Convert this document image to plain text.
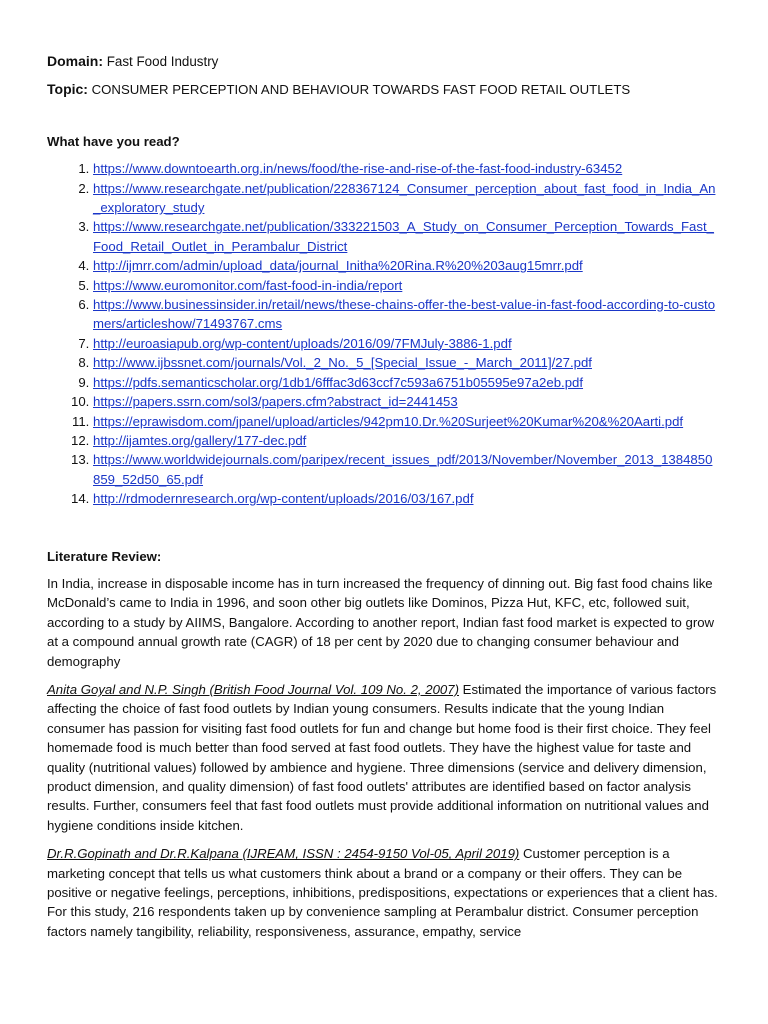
Domain: Fast Food Industry

Topic: CONSUMER PERCEPTION AND BEHAVIOUR TOWARDS FAST FOOD RETAIL OUTLETS

What have you read?

1. https://www.downtoearth.org.in/news/food/the-rise-and-rise-of-the-fast-food-industry-63452
2. https://www.researchgate.net/publication/228367124_Consumer_perception_about_fast_food_in_India_An_exploratory_study
3. https://www.researchgate.net/publication/333221503_A_Study_on_Consumer_Perception_Towards_Fast_Food_Retail_Outlet_in_Perambalur_District
4. http://ijmrr.com/admin/upload_data/journal_Initha%20Rina.R%20%203aug15mrr.pdf
5. https://www.euromonitor.com/fast-food-in-india/report
6. https://www.businessinsider.in/retail/news/these-chains-offer-the-best-value-in-fast-food-according-to-customers/articleshow/71493767.cms
7. http://euroasiapub.org/wp-content/uploads/2016/09/7FMJuly-3886-1.pdf
8. http://www.ijbssnet.com/journals/Vol._2_No._5_[Special_Issue_-_March_2011]/27.pdf
9. https://pdfs.semanticscholar.org/1db1/6fffac3d63ccf7c593a6751b05595e97a2eb.pdf
10. https://papers.ssrn.com/sol3/papers.cfm?abstract_id=2441453
11. https://eprawisdom.com/jpanel/upload/articles/942pm10.Dr.%20Surjeet%20Kumar%20&%20Aarti.pdf
12. http://ijamtes.org/gallery/177-dec.pdf
13. https://www.worldwidejournals.com/paripex/recent_issues_pdf/2013/November/November_2013_1384850859_52d50_65.pdf
14. http://rdmodernresearch.org/wp-content/uploads/2016/03/167.pdf

Literature Review:

In India, increase in disposable income has in turn increased the frequency of dinning out. Big fast food chains like McDonald’s came to India in 1996, and soon other big outlets like Dominos, Pizza Hut, KFC, etc, followed suit, according to a study by AIIMS, Bangalore. According to another report, Indian fast food market is expected to grow at a compound annual growth rate (CAGR) of 18 per cent by 2020 due to changing consumer behaviour and demography

Anita Goyal and N.P. Singh (British Food Journal Vol. 109 No. 2, 2007) Estimated the importance of various factors affecting the choice of fast food outlets by Indian young consumers. Results indicate that the young Indian consumer has passion for visiting fast food outlets for fun and change but home food is their first choice. They feel homemade food is much better than food served at fast food outlets. They have the highest value for taste and quality (nutritional values) followed by ambience and hygiene. Three dimensions (service and delivery dimension, product dimension, and quality dimension) of fast food outlets' attributes are identified based on factor analysis results. Further, consumers feel that fast food outlets must provide additional information on nutritional values and hygiene conditions inside kitchen.

Dr.R.Gopinath and Dr.R.Kalpana (IJREAM, ISSN : 2454-9150 Vol-05, April 2019) Customer perception is a marketing concept that tells us what customers think about a brand or a company or their offers. They can be positive or negative feelings, perceptions, inhibitions, predispositions, expectations or experiences that a client has. For this study, 216 respondents taken up by convenience sampling at Perambalur district. Consumer perception factors namely tangibility, reliability, responsiveness, assurance, empathy, service
